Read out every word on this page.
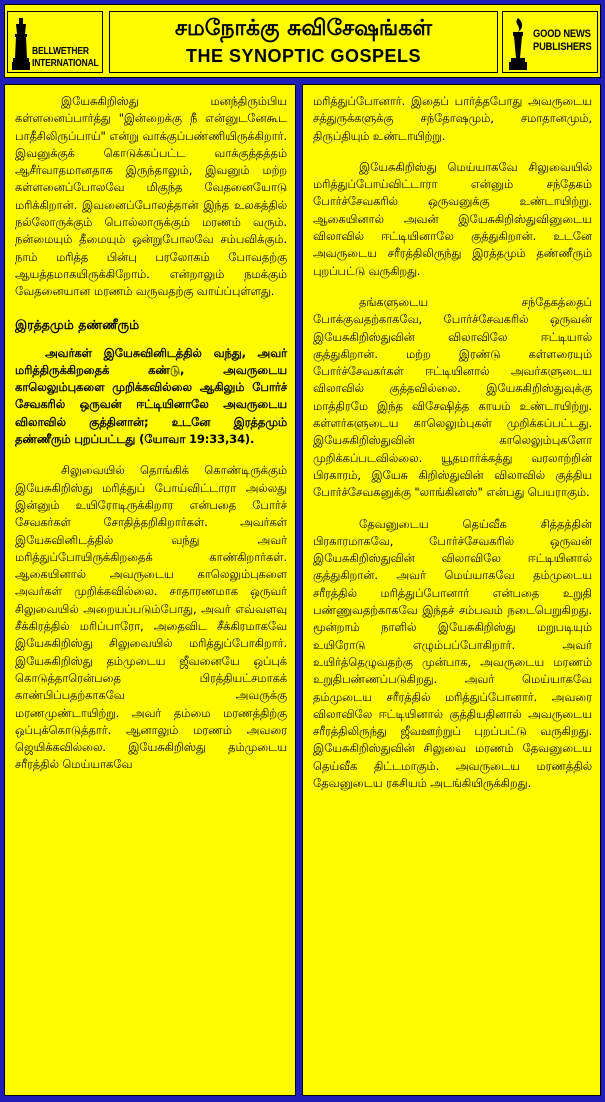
BELLWETHER INTERNATIONAL
சமநோக்கு சுவிசேஷங்கள்
THE SYNOPTIC GOSPELS
GOOD NEWS PUBLISHERS

இயேசுகிறிஸ்து மனந்திரும்பிய கள்ளனைப்பார்த்து "இன்றைக்கு நீ என்னுடனேகூட பாதீசிலிருப்பாய்" என்று வாக்குப்பண்ணியிருக்கிறார். இவனுக்குக் கொடுக்கப்பட்ட வாக்குத்தத்தம் ஆசீர்வாதமானதாக இருந்தாலும், இவனும் மற்ற கள்ளனைப்போலவே மிகுந்த வேதனையோடு மரிக்கிறான். இவனைப்போலத்தான் இந்த உலகத்தில் நல்லோருக்கும் பொல்லாருக்கும் மரணம் வரும். நன்மையும் தீமையும் ஒன்றுபோலவே சம்பவிக்கும். நாம் மரித்த பின்பு பரலோகம் போவதற்கு ஆயத்தமாகயிருக்கிறோம். என்றாலும் நமக்கும் வேதனையான மரணம் வருவதற்கு வாய்ப்புள்ளது.

இரத்தமும் தண்ணீரும்

அவர்கள் இயேசுவினிடத்தில் வந்து, அவர் மரித்திருக்கிறதைக் கண்டு, அவருடைய காலெலும்புகளை முறிக்கவில்லை ஆகிலும் போர்ச் சேவகரில் ஒருவன் ஈட்டியினாலே அவருடைய விலாவில் குத்தினான்; உடனே இரத்தமும் தண்ணீரும் புறப்பட்டது (யோவா 19:33,34).

சிலுவையில் தொங்கிக் கொண்டிருக்கும் இயேசுகிறிஸ்து மரித்துப் போய்விட்டாரா அல்லது இன்னும் உயிரோடிருக்கிறார என்பதை போர்ச் சேவகர்கள் சோதித்தறிகிறார்கள். அவர்கள் இயேசுவினிடத்தில் வந்து அவர் மரித்துப்போயிருக்கிறதைக் காண்கிறார்கள். ஆகையினால் அவருடைய காலெலும்புகளை அவர்கள் முறிக்கவில்லை. சாதாரணமாக ஒருவர் சிலுவையில் அறையப்படும்போது, அவர் எவ்வளவு சீக்கிரத்தில் மரிப்பாரோ, அதைவிட சீக்கிரமாகவே இயேசுகிறிஸ்து சிலுவையில் மரித்துப்போகிறார். இயேசுகிறிஸ்து தம்முடைய ஜீவனையே ஒப்புக் கொடுத்தாரென்பதை பிரத்தியட்சமாகக் காண்பிப்பதற்காகவே அவருக்கு மரணமுண்டாயிற்று. அவர் தம்மை மரணத்திற்கு ஒப்புக்கொடுத்தார். ஆனாலும் மரணம் அவரை ஜெயிக்கவில்லை. இயேசுகிறிஸ்து தம்முடைய சரீரத்தில் மெய்யாகவே

மரித்துப்போனார். இதைப் பார்த்தபோது அவருடைய சத்துருக்களுக்கு சந்தோஷமும், சமாதானமும், திருப்தியும் உண்டாயிற்று.

இயேசுகிறிஸ்து மெய்யாகவே சிலுவையில் மரித்துப்போய்விட்டாரா என்னும் சந்தேகம் போர்ச்சேவகரில் ஒருவனுக்கு உண்டாயிற்று. ஆகையினால் அவன் இயேசுகிறிஸ்துவினுடைய விலாவில் ஈட்டியினாலே குத்துகிறான். உடனே அவருடைய சரீரத்திலிருந்து இரத்தமும் தண்ணீரும் புறப்பட்டு வருகிறது.

தங்களுடைய சந்தேகத்தைப் போக்குவதற்காகவே, போர்ச்சேவகரில் ஒருவன் இயேசுகிறிஸ்துவின் விலாவிலே ஈட்டியால் குத்துகிறான். மற்ற இரண்டு கள்ளரையும் போர்ச்சேவகர்கள் ஈட்டியினால் அவர்களுடைய விலாவில் குத்தவில்லை. இயேசுகிறிஸ்துவுக்கு மாத்திரமே இந்த விசேஷித்த காயம் உண்டாயிற்று. கள்ளர்களுடைய காலெலும்புகள் முறிக்கப்பட்டது. இயேசுகிறிஸ்துவின் காலெலும்புகளோ முறிக்கப்படவில்லை. யூதமார்க்கத்து வரலாற்றின் பிரகாரம், இயேசு கிறிஸ்துவின் விலாவில் குத்திய போர்ச்சேவகனுக்கு "லாங்கினஸ்" என்பது பெயராகும்.

தேவனுடைய தெய்வீக சித்தத்தின் பிரகாரமாகவே, போர்ச்சேவகரில் ஒருவன் இயேசுகிறிஸ்துவின் விலாவிலே ஈட்டியினால் குத்துகிறான். அவர் மெய்யாகவே தம்முடைய சரீரத்தில் மரித்துப்போனார் என்பதை உறுதி பண்ணுவதற்காகவே இந்தச் சம்பவம் நடைபெறுகிறது. மூன்றாம் நாளில் இயேசுகிறிஸ்து மறுபடியும் உயிரோடு எழும்பப்போகிறார். அவர் உயிர்த்தெழுவதற்கு முன்பாக, அவருடைய மரணம் உறுதிபண்ணப்படுகிறது. அவர் மெய்யாகவே தம்முடைய சரீரத்தில் மரித்துப்போனார். அவரை விலாவிலே ஈட்டியினால் குத்தியதினால் அவருடைய சரீரத்திலிருந்து ஜீவஊற்றுப் புறப்பட்டு வருகிறது. இயேசுகிறிஸ்துவின் சிலுவை மரணம் தேவனுடைய தெய்வீக திட்டமாகும். அவருடைய மரணத்தில் தேவனுடைய ரகசியம் அடங்கியிருக்கிறது.
